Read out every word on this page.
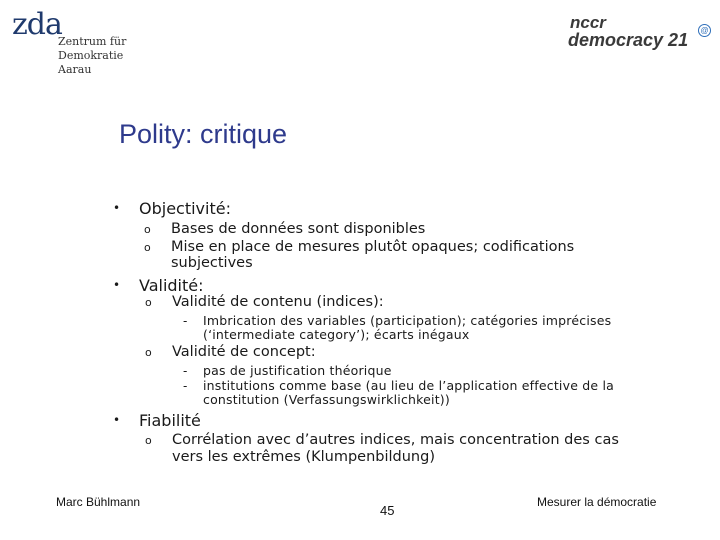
zda
Zentrum für
Demokratie
Aarau
nccr
democracy 21	@
Polity: critique
• Objectivité:
o Bases de données sont disponibles
o Mise en place de mesures plutôt opaques; codifications
subjectives
• Validité:
o Validité de contenu (indices):
- Imbrication des variables (participation); catégories imprécises
(‘intermediate category’); écarts inégaux
o Validité de concept:
- pas de justification théorique
- institutions comme base (au lieu de l’application effective de la
constitution (Verfassungswirklichkeit))
• Fiabilité
o Corrélation avec d’autres indices, mais concentration des cas
vers les extrêmes (Klumpenbildung)
Marc Bühlmann
45
Mesurer la démocratie
